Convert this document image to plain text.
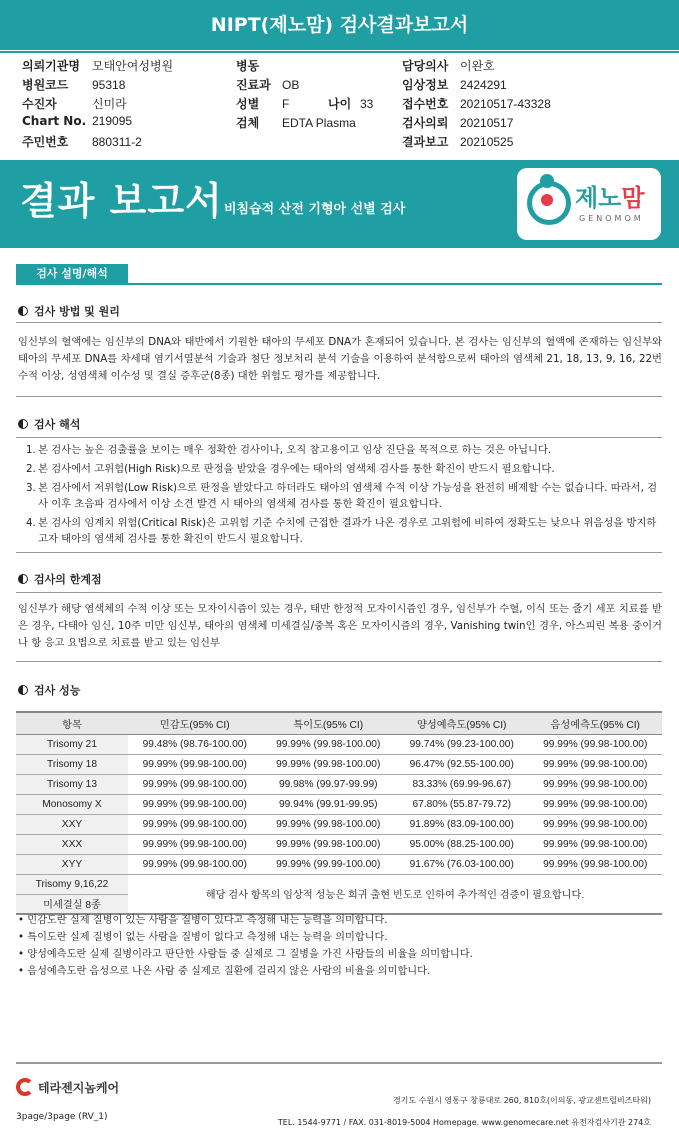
NIPT(제노맘) 검사결과보고서
의뢰기관명 모태안여성병원
병원코드 95318
수진자	신미라
Chart No. 219095
주민번호 880311-2
병동
진료과 OB
성별 F	나이 33
검체 EDTA Plasma
담당의사 이완호
임상정보 2424291
접수번호 20210517-43328
검사의뢰 20210517
결과보고 20210525
결과 보고서 비침습적 산전 기형아 선별 검사	제노맘
GENOMOM
검사 설명/해석
검사 방법 및 원리
임신부의 혈액에는 임신부의 DNA와 태반에서 기원한 태아의 무세포 DNA가 혼재되어 있습니다. 본 검사는 임신부의 혈액에 존재하는 임신부와 태아의 무세포 DNA를 차세대 염기서열분석 기술과 첨단 정보처리 분석 기술을 이용하여 분석함으로써 태아의 염색체 21, 18, 13, 9, 16, 22번 수적 이상, 성염색체 이수성 및 결실 증후군(8종) 대한 위험도 평가를 제공합니다.
검사 해석
1. 본 검사는 높은 검출률을 보이는 매우 정확한 검사이나, 오직 참고용이고 임상 진단을 목적으로 하는 것은 아닙니다.
2. 본 검사에서 고위험(High Risk)으로 판정을 받았을 경우에는 태아의 염색체 검사를 통한 확진이 반드시 필요합니다.
3. 본 검사에서 저위험(Low Risk)으로 판정을 받았다고 하더라도 태아의 염색체 수적 이상 가능성을 완전히 배제할 수는 없습니다. 따라서, 검사 이후 초음파 검사에서 이상 소견 발견 시 태아의 염색체 검사를 통한 확진이 필요합니다.
4. 본 검사의 임계치 위험(Critical Risk)은 고위험 기준 수치에 근접한 결과가 나온 경우로 고위험에 비하여 정확도는 낮으나 위음성을 방지하고자 태아의 염색체 검사를 통한 확진이 반드시 필요합니다.
검사의 한계점
임신부가 해당 염색체의 수적 이상 또는 모자이시즘이 있는 경우, 태반 한정적 모자이시즘인 경우, 임신부가 수혈, 이식 또는 줄기 세포 치료를 받은 경우, 다태아 임신, 10주 미만 임신부, 태아의 염색체 미세결실/중복 혹은 모자이시즘의 경우, Vanishing twin인 경우, 아스피린 복용 중이거나 항 응고 요법으로 치료를 받고 있는 임신부
검사 성능
항목	민감도(95% CI)	특이도(95% CI)	양성예측도(95% CI)	음성예측도(95% CI)
Trisomy 21	99.48% (98.76-100.00)	99.99% (99.98-100.00)	99.74% (99.23-100.00)	99.99% (99.98-100.00)
Trisomy 18	99.99% (99.98-100.00)	99.99% (99.98-100.00)	96.47% (92.55-100.00)	99.99% (99.98-100.00)
Trisomy 13	99.99% (99.98-100.00)	99.98% (99.97-99.99)	83.33% (69.99-96.67)	99.99% (99.98-100.00)
Monosomy X	99.99% (99.98-100.00)	99.94% (99.91-99.95)	67.80% (55.87-79.72)	99.99% (99.98-100.00)
XXY	99.99% (99.98-100.00)	99.99% (99.98-100.00)	91.89% (83.09-100.00)	99.99% (99.98-100.00)
XXX	99.99% (99.98-100.00)	99.99% (99.98-100.00)	95.00% (88.25-100.00)	99.99% (99.98-100.00)
XYY	99.99% (99.98-100.00)	99.99% (99.99-100.00)	91.67% (76.03-100.00)	99.99% (99.98-100.00)
Trisomy 9,16,22	해당 검사 항목의 임상적 성능은 희귀 출현 빈도로 인하여 추가적인 검증이 필요합니다.			
미세결실 8종				
• 민감도란 실제 질병이 있는 사람을 질병이 있다고 측정해 내는 능력을 의미합니다.
• 특이도란 실제 질병이 없는 사람을 질병이 없다고 측정해 내는 능력을 의미합니다.
• 양성예측도란 실제 질병이라고 판단한 사람들 중 실제로 그 질병을 가진 사람들의 비율을 의미합니다.
• 음성예측도란 음성으로 나온 사람 중 실제로 질환에 걸리지 않은 사람의 비율을 의미합니다.
테라젠지놈케어
3page/3page (RV_1)
경기도 수원시 영통구 창룡대로 260, 810호(이의동, 광교센트럴비즈타워)
TEL. 1544-9771 / FAX. 031-8019-5004 Homepage. www.genomecare.net 유전자검사기관 274호
